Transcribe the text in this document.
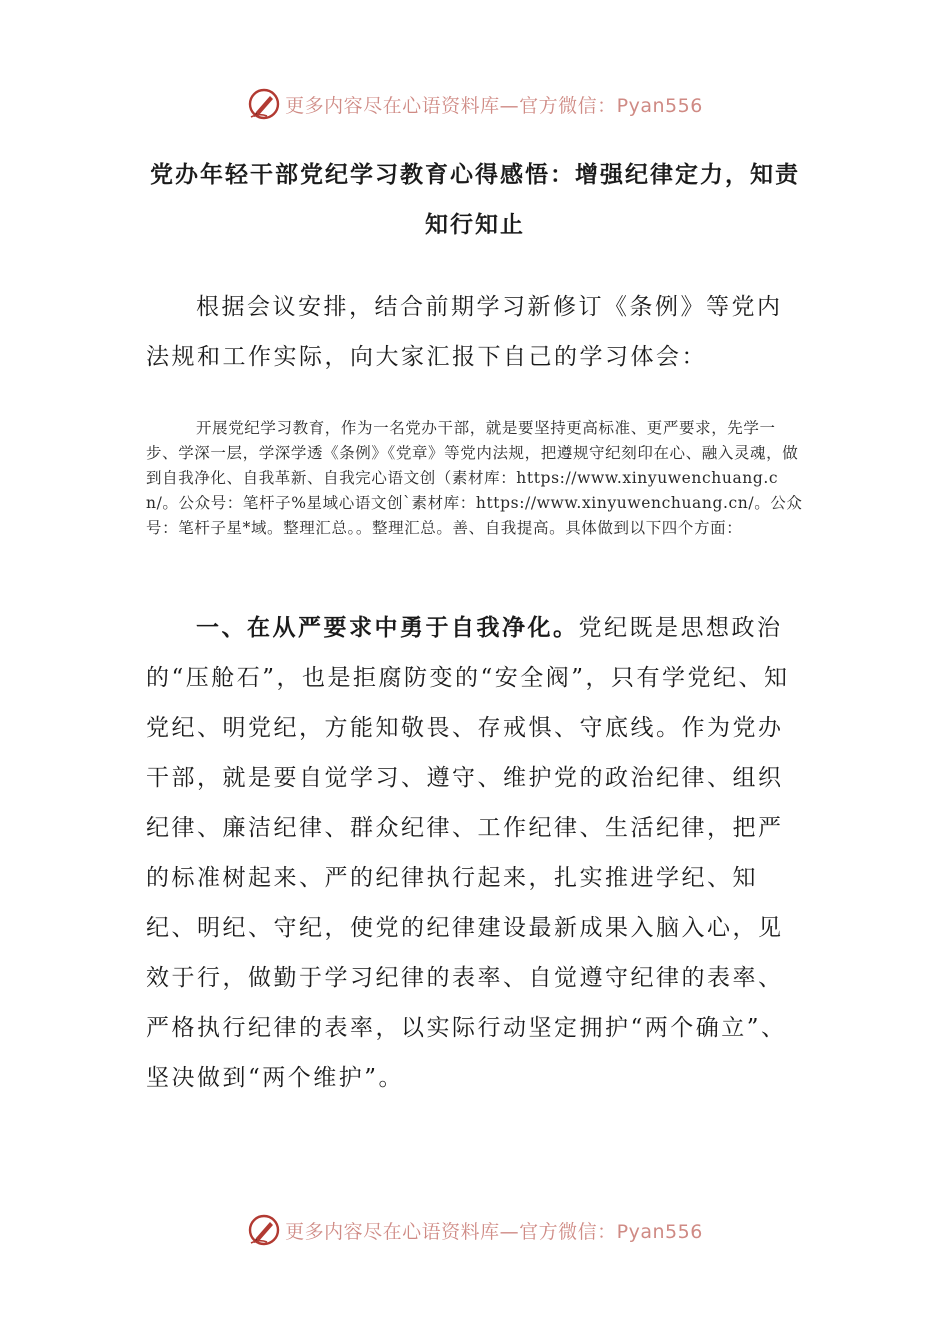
更多内容尽在心语资料库—官方微信：Pyan556
党办年轻干部党纪学习教育心得感悟：增强纪律定力，知责知行知止

根据会议安排，结合前期学习新修订《条例》等党内法规和工作实际，向大家汇报下自己的学习体会：

开展党纪学习教育，作为一名党办干部，就是要坚持更高标准、更严要求，先学一步、学深一层，学深学透《条例》《党章》等党内法规，把遵规守纪刻印在心、融入灵魂，做到自我净化、自我革新、自我完心语文创（素材库：https://www.xinyuwenchuang.cn/。公众号：笔杆子%星域心语文创`素材库：https://www.xinyuwenchuang.cn/。公众号：笔杆子星*域。整理汇总。。整理汇总。善、自我提高。具体做到以下四个方面：

一、在从严要求中勇于自我净化。党纪既是思想政治的“压舱石”，也是拒腐防变的“安全阀”，只有学党纪、知党纪、明党纪，方能知敬畏、存戒惧、守底线。作为党办干部，就是要自觉学习、遵守、维护党的政治纪律、组织纪律、廉洁纪律、群众纪律、工作纪律、生活纪律，把严的标准树起来、严的纪律执行起来，扎实推进学纪、知纪、明纪、守纪，使党的纪律建设最新成果入脑入心，见效于行，做勤于学习纪律的表率、自觉遵守纪律的表率、严格执行纪律的表率，以实际行动坚定拥护“两个确立”、坚决做到“两个维护”。

更多内容尽在心语资料库—官方微信：Pyan556
